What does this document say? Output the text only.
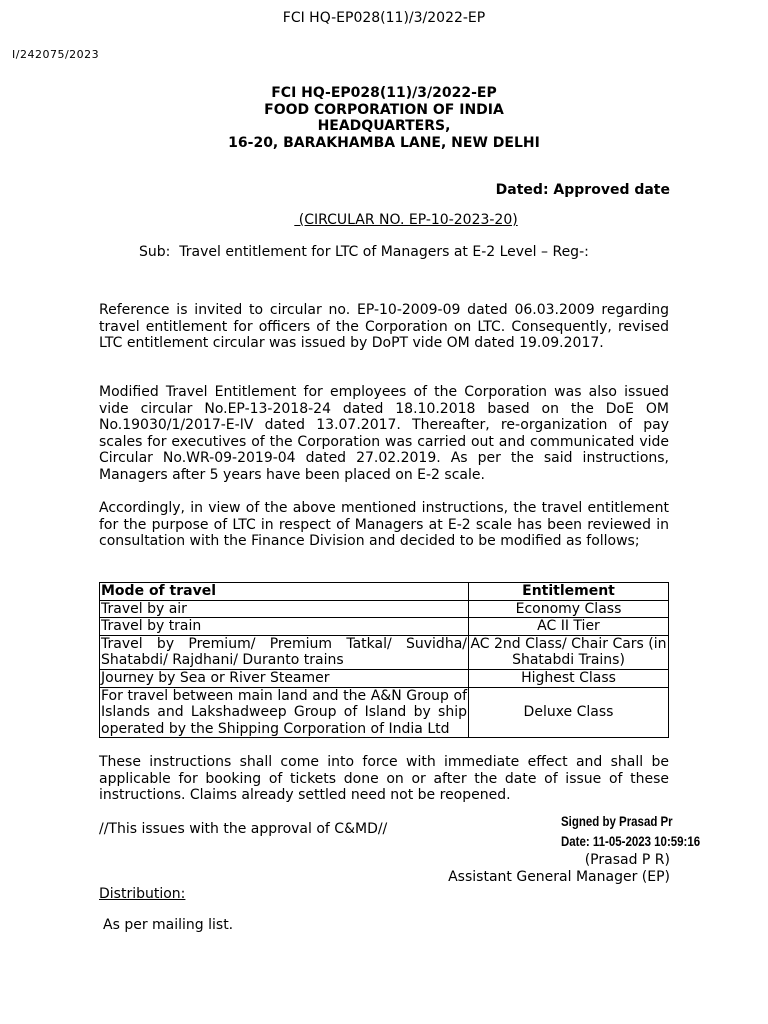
FCI HQ-EP028(11)/3/2022-EP
I/242075/2023
FCI HQ-EP028(11)/3/2022-EP
FOOD CORPORATION OF INDIA
HEADQUARTERS,
16-20, BARAKHAMBA LANE, NEW DELHI
Dated: Approved date
(CIRCULAR NO. EP-10-2023-20)
Sub:  Travel entitlement for LTC of Managers at E-2 Level – Reg-:
Reference is invited to circular no. EP-10-2009-09 dated 06.03.2009 regarding travel entitlement for officers of the Corporation on LTC. Consequently, revised LTC entitlement circular was issued by DoPT vide OM dated 19.09.2017.
Modified Travel Entitlement for employees of the Corporation was also issued vide circular No.EP-13-2018-24 dated 18.10.2018 based on the DoE OM No.19030/1/2017-E-IV dated 13.07.2017. Thereafter, re-organization of pay scales for executives of the Corporation was carried out and communicated vide Circular No.WR-09-2019-04 dated 27.02.2019. As per the said instructions, Managers after 5 years have been placed on E-2 scale.
Accordingly, in view of the above mentioned instructions, the travel entitlement for the purpose of LTC in respect of Managers at E-2 scale has been reviewed in consultation with the Finance Division and decided to be modified as follows;
Mode of travel	Entitlement
Travel by air	Economy Class
Travel by train	AC II Tier
Travel by Premium/ Premium Tatkal/ Suvidha/ Shatabdi/ Rajdhani/ Duranto trains	AC 2nd Class/ Chair Cars (in Shatabdi Trains)
Journey by Sea or River Steamer	Highest Class
For travel between main land and the A&N Group of Islands and Lakshadweep Group of Island by ship operated by the Shipping Corporation of India Ltd	Deluxe Class
These instructions shall come into force with immediate effect and shall be applicable for booking of tickets done on or after the date of issue of these instructions. Claims already settled need not be reopened.
//This issues with the approval of C&MD//	Signed by Prasad Pr
Date: 11-05-2023 10:59:16
(Prasad P R)
Assistant General Manager (EP)
Distribution:
As per mailing list.
